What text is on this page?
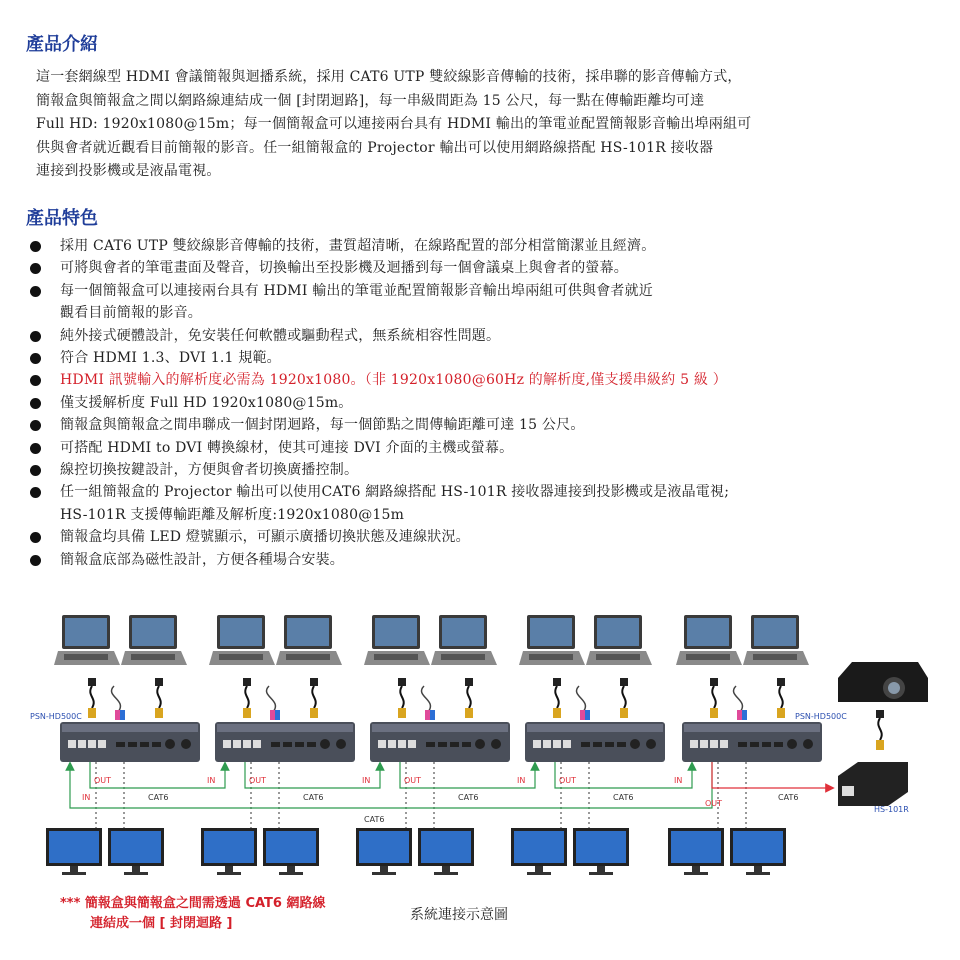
產品介紹

這一套網線型 HDMI 會議簡報與迴播系統，採用 CAT6 UTP 雙絞線影音傳輸的技術，採串聯的影音傳輸方式，

簡報盒與簡報盒之間以網路線連結成一個 [封閉迴路]，每一串級間距為 15 公尺，每一點在傳輸距離均可達

Full HD: 1920x1080@15m；每一個簡報盒可以連接兩台具有 HDMI 輸出的筆電並配置簡報影音輸出埠兩組可

供與會者就近觀看目前簡報的影音。任一組簡報盒的 Projector 輸出可以使用網路線搭配 HS-101R 接收器

連接到投影機或是液晶電視。

產品特色
採用 CAT6 UTP 雙絞線影音傳輸的技術，畫質超清晰，在線路配置的部分相當簡潔並且經濟。
可將與會者的筆電畫面及聲音，切換輸出至投影機及迴播到每一個會議桌上與會者的螢幕。
每一個簡報盒可以連接兩台具有 HDMI 輸出的筆電並配置簡報影音輸出埠兩組可供與會者就近
觀看目前簡報的影音。
純外接式硬體設計，免安裝任何軟體或驅動程式，無系統相容性問題。
符合 HDMI 1.3、DVI 1.1 規範。
HDMI 訊號輸入的解析度必需為 1920x1080。（非 1920x1080@60Hz 的解析度,僅支援串級約 5 級 ）
僅支援解析度 Full HD 1920x1080@15m。
簡報盒與簡報盒之間串聯成一個封閉迴路，每一個節點之間傳輸距離可達 15 公尺。
可搭配 HDMI to DVI 轉換線材，使其可連接 DVI 介面的主機或螢幕。
線控切換按鍵設計，方便與會者切換廣播控制。
任一組簡報盒的 Projector 輸出可以使用CAT6 網路線搭配 HS-101R 接收器連接到投影機或是液晶電視;
HS-101R 支援傳輸距離及解析度:1920x1080@15m
簡報盒均具備 LED 燈號顯示，可顯示廣播切換狀態及連線狀況。
簡報盒底部為磁性設計，方便各種場合安裝。
PSN-HD500C	PSN-HD500C
OUT	IN
CAT6
OUT	IN
CAT6
OUT	IN
CAT6
OUT	IN
CAT6
IN
CAT6
OUT
CAT6
HS-101R
*** 簡報盒與簡報盒之間需透過 CAT6 網路線
連結成一個 [ 封閉迴路 ]
系統連接示意圖
